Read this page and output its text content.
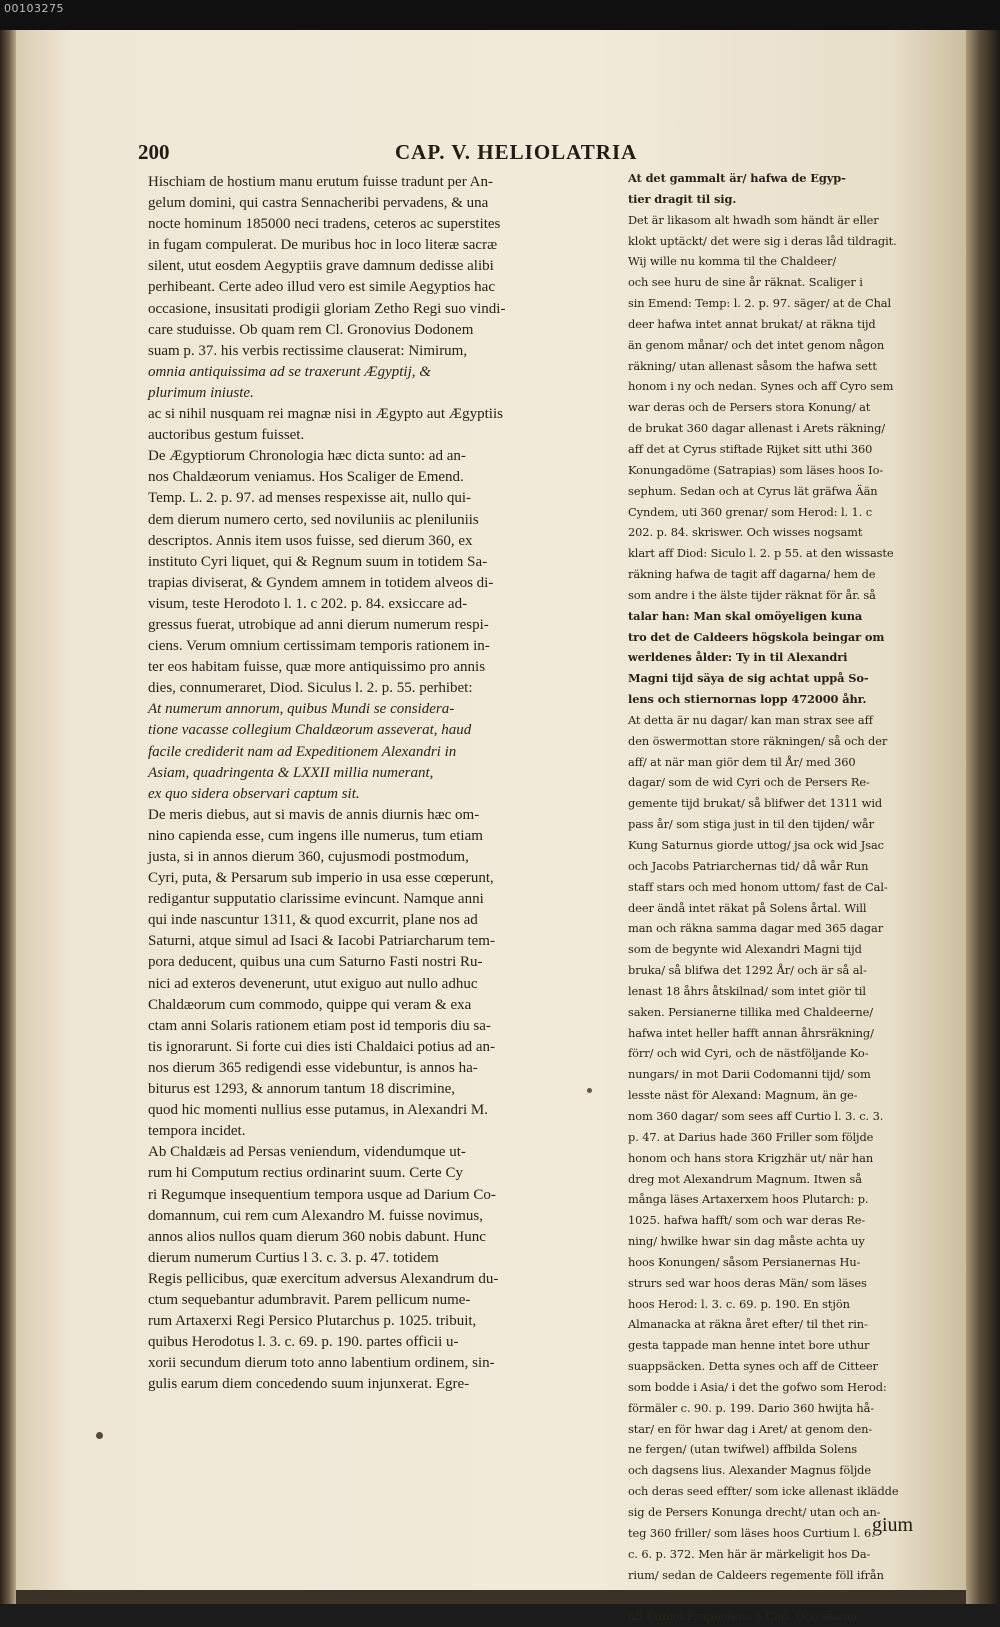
00103275
200	CAP. V. HELIOLATRIA

Hischiam de hostium manu erutum fuisse tradunt per An-

gelum domini, qui castra Sennacheribi pervadens, & una

nocte hominum 185000 neci tradens, ceteros ac superstites

in fugam compulerat. De muribus hoc in loco literæ sacræ

silent, utut eosdem Aegyptiis grave damnum dedisse alibi

perhibeant. Certe adeo illud vero est simile Aegyptios hac

occasione, insusitati prodigii gloriam Zetho Regi suo vindi-

care studuisse. Ob quam rem Cl. Gronovius Dodonem

suam p. 37. his verbis rectissime clauserat: Nimirum,

omnia antiquissima ad se traxerunt Ægyptij, &

plurimum iniuste.

ac si nihil nusquam rei magnæ nisi in Ægypto aut Ægyptiis

auctoribus gestum fuisset.

De Ægyptiorum Chronologia hæc dicta sunto: ad an-

nos Chaldæorum veniamus. Hos Scaliger de Emend.

Temp. L. 2. p. 97. ad menses respexisse ait, nullo qui-

dem dierum numero certo, sed noviluniis ac pleniluniis

descriptos. Annis item usos fuisse, sed dierum 360, ex

instituto Cyri liquet, qui & Regnum suum in totidem Sa-

trapias diviserat, & Gyndem amnem in totidem alveos di-

visum, teste Herodoto l. 1. c 202. p. 84. exsiccare ad-

gressus fuerat, utrobique ad anni dierum numerum respi-

ciens. Verum omnium certissimam temporis rationem in-

ter eos habitam fuisse, quæ more antiquissimo pro annis

dies, connumeraret, Diod. Siculus l. 2. p. 55. perhibet:

At numerum annorum, quibus Mundi se considera-

tione vacasse collegium Chaldæorum asseverat, haud

facile crediderit nam ad Expeditionem Alexandri in

Asiam, quadringenta & LXXII millia numerant,

ex quo sidera observari captum sit.

De meris diebus, aut si mavis de annis diurnis hæc om-

nino capienda esse, cum ingens ille numerus, tum etiam

justa, si in annos dierum 360, cujusmodi postmodum,

Cyri, puta, & Persarum sub imperio in usa esse cœperunt,

redigantur supputatio clarissime evincunt. Namque anni

qui inde nascuntur 1311, & quod excurrit, plane nos ad

Saturni, atque simul ad Isaci & Iacobi Patriarcharum tem-

pora deducent, quibus una cum Saturno Fasti nostri Ru-

nici ad exteros devenerunt, utut exiguo aut nullo adhuc

Chaldæorum cum commodo, quippe qui veram & exa

ctam anni Solaris rationem etiam post id temporis diu sa-

tis ignorarunt. Si forte cui dies isti Chaldaici potius ad an-

nos dierum 365 redigendi esse videbuntur, is annos ha-

biturus est 1293, & annorum tantum 18 discrimine,

quod hic momenti nullius esse putamus, in Alexandri M.

tempora incidet.

Ab Chaldæis ad Persas veniendum, videndumque ut-

rum hi Computum rectius ordinarint suum. Certe Cy

ri Regumque insequentium tempora usque ad Darium Co-

domannum, cui rem cum Alexandro M. fuisse novimus,

annos alios nullos quam dierum 360 nobis dabunt. Hunc

dierum numerum Curtius l 3. c. 3. p. 47. totidem

Regis pellicibus, quæ exercitum adversus Alexandrum du-

ctum sequebantur adumbravit. Parem pellicum nume-

rum Artaxerxi Regi Persico Plutarchus p. 1025. tribuit,

quibus Herodotus l. 3. c. 69. p. 190. partes officii u-

xorii secundum dierum toto anno labentium ordinem, sin-

gulis earum diem concedendo suum injunxerat. Egre-

At det gammalt är/ hafwa de Egyp-

tier dragit til sig.

Det är likasom alt hwadh som händt är eller

klokt uptäckt/ det were sig i deras låd tildragit.

Wij wille nu komma til the Chaldeer/

och see huru de sine år räknat. Scaliger i

sin Emend: Temp: l. 2. p. 97. säger/ at de Chal

deer hafwa intet annat brukat/ at räkna tijd

än genom månar/ och det intet genom någon

räkning/ utan allenast såsom the hafwa sett

honom i ny och nedan. Synes och aff Cyro sem

war deras och de Persers stora Konung/ at

de brukat 360 dagar allenast i Arets räkning/

aff det at Cyrus stiftade Rijket sitt uthi 360

Konungadöme (Satrapias) som läses hoos Io-

sephum. Sedan och at Cyrus lät gräfwa Ään

Cyndem, uti 360 grenar/ som Herod: l. 1. c

202. p. 84. skriswer. Och wisses nogsamt

klart aff Diod: Siculo l. 2. p 55. at den wissaste

räkning hafwa de tagit aff dagarna/ hem de

som andre i the älste tijder räknat för år. så

talar han: Man skal omöyeligen kuna

tro det de Caldeers högskola beingar om

werldenes ålder: Ty in til Alexandri

Magni tijd säya de sig achtat uppå So-

lens och stiernornas lopp 472000 åhr.

At detta är nu dagar/ kan man strax see aff

den öswermottan store räkningen/ så och der

aff/ at när man giör dem til År/ med 360

dagar/ som de wid Cyri och de Persers Re-

gemente tijd brukat/ så blifwer det 1311 wid

pass år/ som stiga just in til den tijden/ wår

Kung Saturnus giorde uttog/ jsa ock wid Jsac

och Jacobs Patriarchernas tid/ då wår Run

staff stars och med honom uttom/ fast de Cal-

deer ändå intet räkat på Solens årtal. Will

man och räkna samma dagar med 365 dagar

som de begynte wid Alexandri Magni tijd

bruka/ så blifwa det 1292 År/ och är så al-

lenast 18 åhrs åtskilnad/ som intet giör til

saken. Persianerne tillika med Chaldeerne/

hafwa intet heller hafft annan åhrsräkning/

förr/ och wid Cyri, och de nästföljande Ko-

nungars/ in mot Darii Codomanni tijd/ som

lesste näst för Alexand: Magnum, än ge-

nom 360 dagar/ som sees aff Curtio l. 3. c. 3.

p. 47. at Darius hade 360 Friller som följde

honom och hans stora Krigzhär ut/ när han

dreg mot Alexandrum Magnum. Itwen så

många läses Artaxerxem hoos Plutarch: p.

1025. hafwa hafft/ som och war deras Re-

ning/ hwilke hwar sin dag måste achta uy

hoos Konungen/ såsom Persianernas Hu-

strurs sed war hoos deras Män/ som läses

hoos Herod: l. 3. c. 69. p. 190. En stjön

Almanacka at räkna året efter/ til thet rin-

gesta tappade man henne intet bore uthur

suappsäcken. Detta synes och aff de Citteer

som bodde i Asia/ i det the gofwo som Herod:

förmäler c. 90. p. 199. Dario 360 hwijta hå-

star/ en för hwar dag i Aret/ at genom den-

ne fergen/ (utan twifwel) affbilda Solens

och dagsens lius. Alexander Magnus följde

och deras seed effter/ som icke allenast iklädde

sig de Persers Konunga drecht/ utan och an-

teg 360 friller/ som läses hoos Curtium l. 6.

c. 6. p. 372. Men här är märkeligit hos Da-

rium/ sedan de Caldeers regemente föll ifrån

aff Daniel Prophetens 5 Cap. Och såsom

gium
